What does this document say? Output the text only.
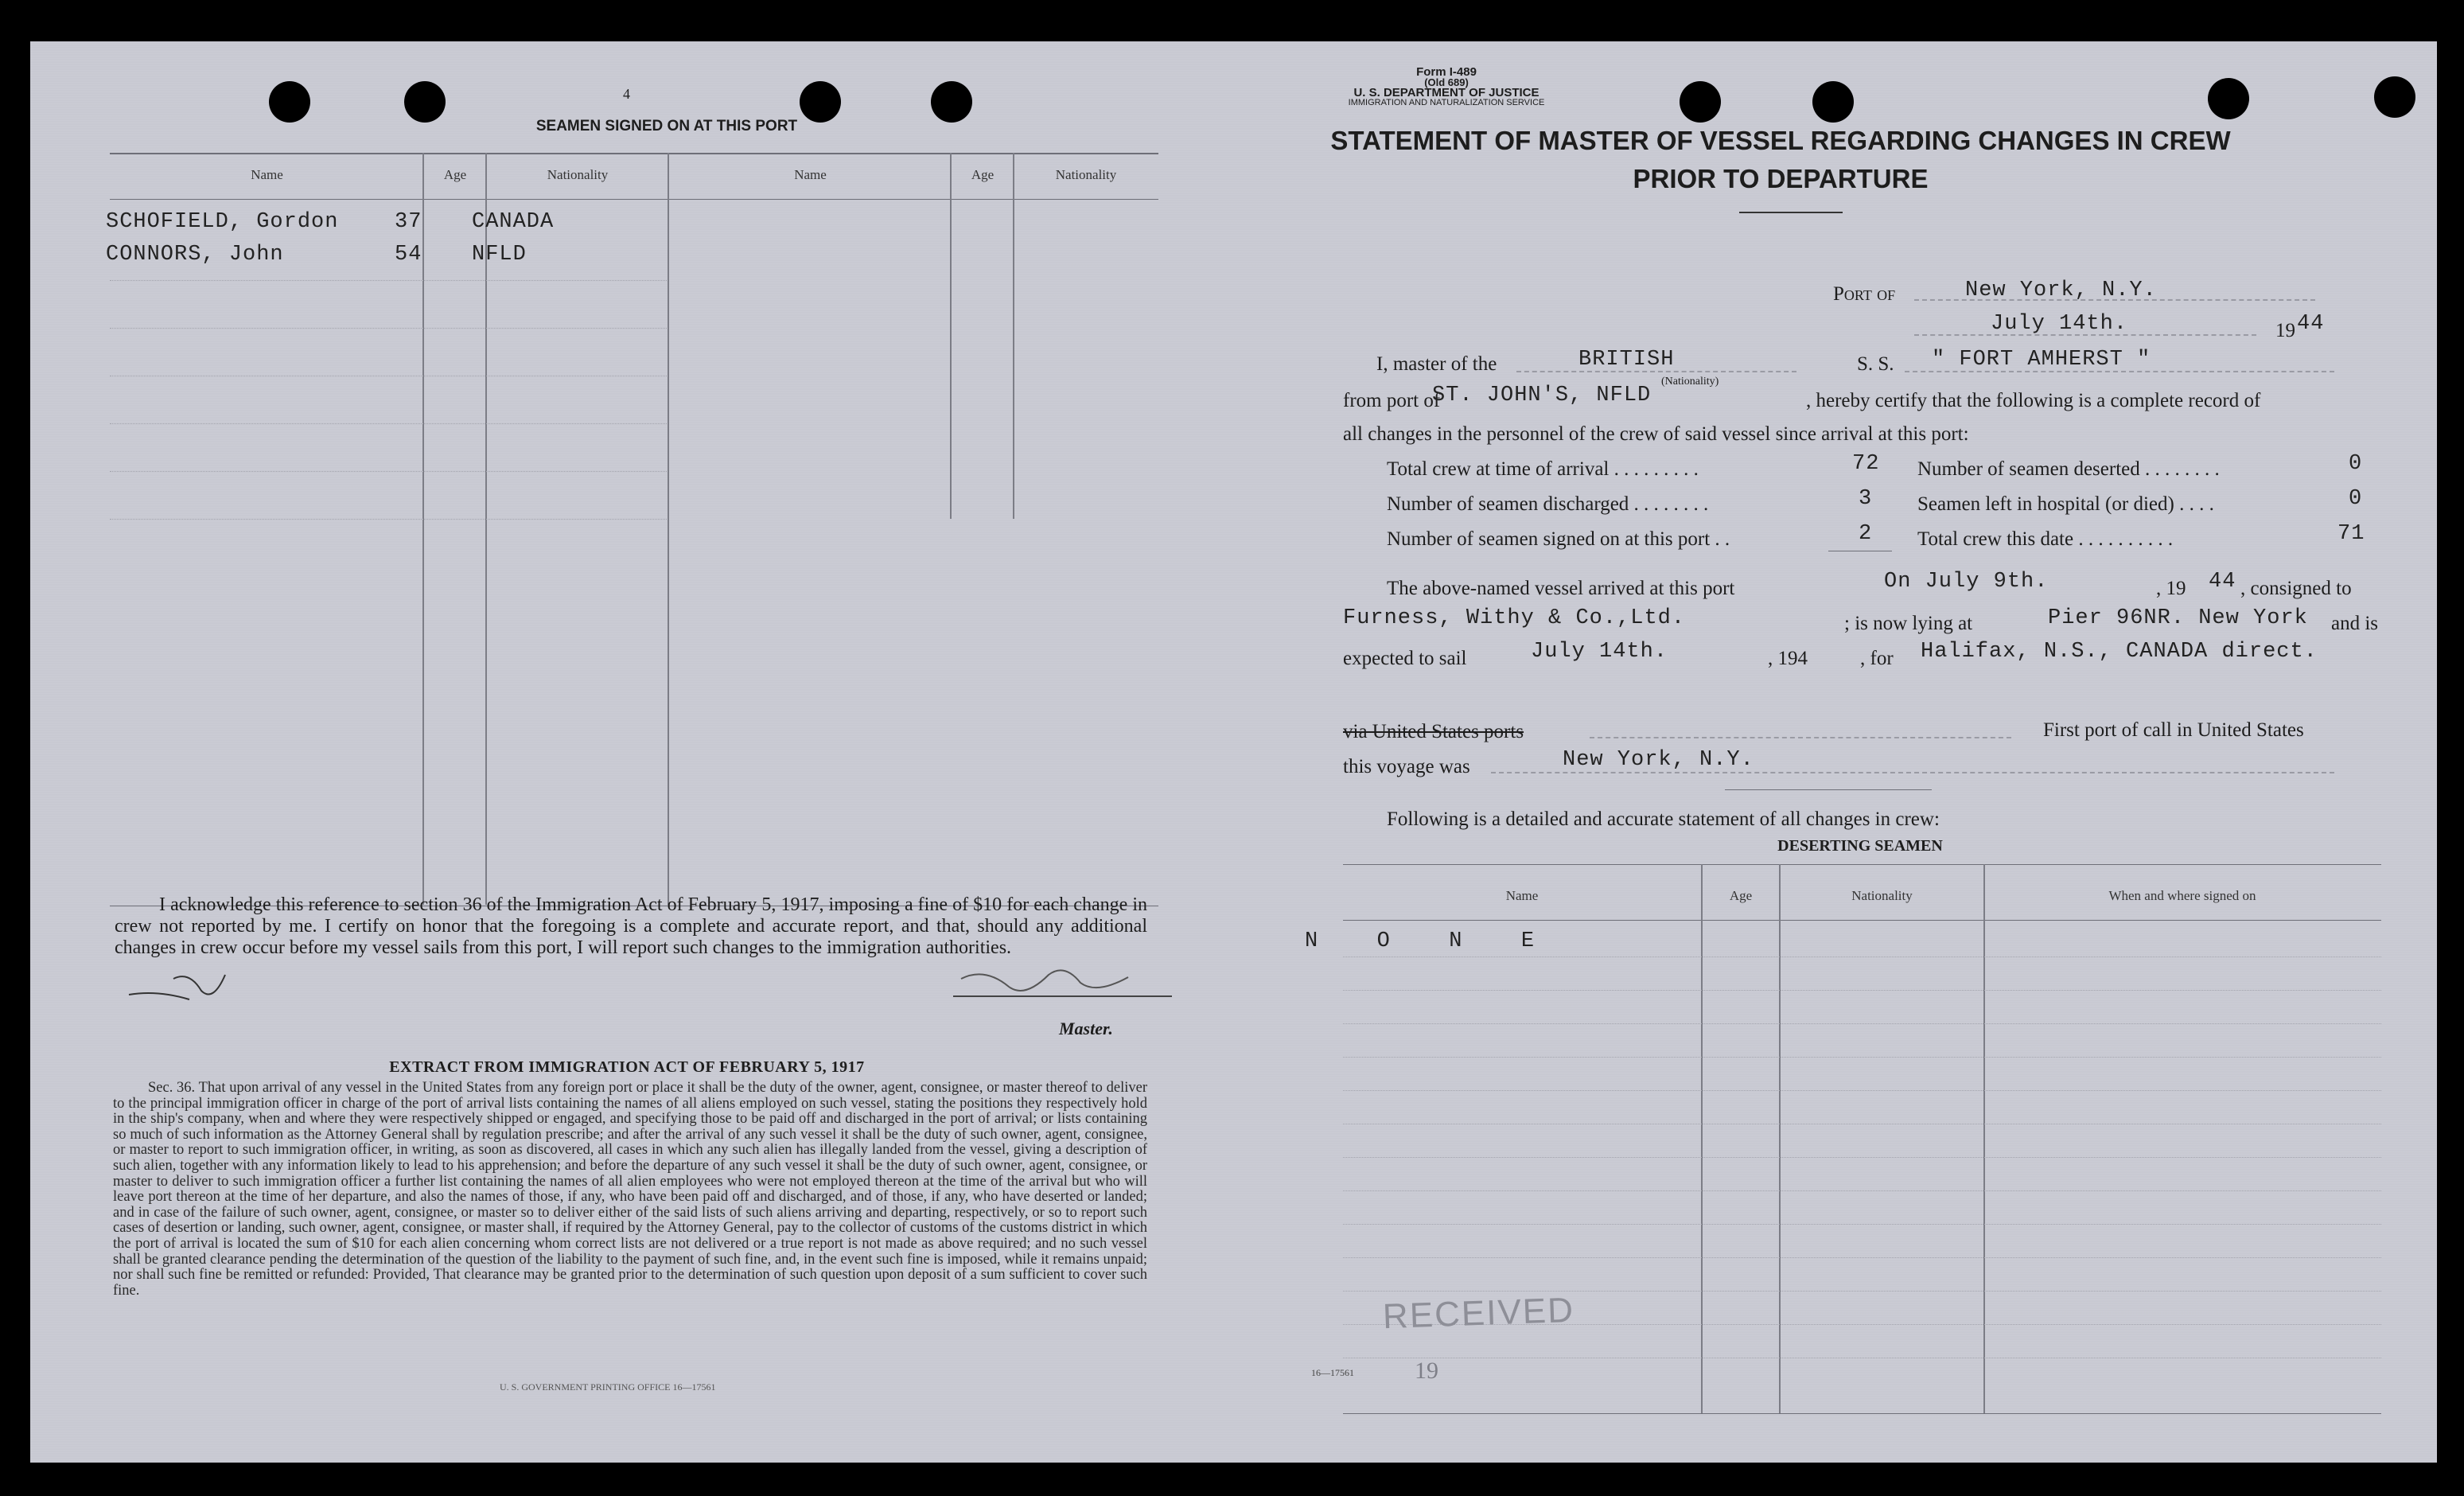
4
SEAMEN SIGNED ON AT THIS PORT
Name	Age	Nationality	Name	Age	Nationality
SCHOFIELD, Gordon	37 CANADA
CONNORS, John	54 NFLD
I acknowledge this reference to section 36 of the Immigration Act of February 5, 1917, imposing a fine of $10 for each change in crew not reported by me. I certify on honor that the foregoing is a complete and accurate report, and that, should any additional changes in crew occur before my vessel sails from this port, I will report such changes to the immigration authorities.
Master.
EXTRACT FROM IMMIGRATION ACT OF FEBRUARY 5, 1917
Sec. 36. That upon arrival of any vessel in the United States from any foreign port or place it shall be the duty of the owner, agent, consignee, or master thereof to deliver to the principal immigration officer in charge of the port of arrival lists containing the names of all aliens employed on such vessel, stating the positions they respectively hold in the ship's company, when and where they were respectively shipped or engaged, and specifying those to be paid off and discharged in the port of arrival; or lists containing so much of such information as the Attorney General shall by regulation prescribe; and after the arrival of any such vessel it shall be the duty of such owner, agent, consignee, or master to report to such immigration officer, in writing, as soon as discovered, all cases in which any such alien has illegally landed from the vessel, giving a description of such alien, together with any information likely to lead to his apprehension; and before the departure of any such vessel it shall be the duty of such owner, agent, consignee, or master to deliver to such immigration officer a further list containing the names of all alien employees who were not employed thereon at the time of the arrival but who will leave port thereon at the time of her departure, and also the names of those, if any, who have been paid off and discharged, and of those, if any, who have deserted or landed; and in case of the failure of such owner, agent, consignee, or master so to deliver either of the said lists of such aliens arriving and departing, respectively, or so to report such cases of desertion or landing, such owner, agent, consignee, or master shall, if required by the Attorney General, pay to the collector of customs of the customs district in which the port of arrival is located the sum of $10 for each alien concerning whom correct lists are not delivered or a true report is not made as above required; and no such vessel shall be granted clearance pending the determination of the question of the liability to the payment of such fine, and, in the event such fine is imposed, while it remains unpaid; nor shall such fine be remitted or refunded: Provided, That clearance may be granted prior to the determination of such question upon deposit of a sum sufficient to cover such fine.
U. S. GOVERNMENT PRINTING OFFICE 16—17561
Form I-489
(Old 689)
U. S. DEPARTMENT OF JUSTICE
IMMIGRATION AND NATURALIZATION SERVICE
STATEMENT OF MASTER OF VESSEL REGARDING CHANGES IN CREW
PRIOR TO DEPARTURE
Port of	New York, N.Y.
July 14th.	19 44
I, master of the	BRITISH
(Nationality)
S. S. " FORT AMHERST "
from port of
ST. JOHN'S, NFLD	, hereby certify that the following is a complete record of
all changes in the personnel of the crew of said vessel since arrival at this port:
Total crew at time of arrival . . . . . . . . .	72
Number of seamen discharged . . . . . . . .	3
Number of seamen signed on at this port . .	2
Number of seamen deserted . . . . . . . .	0
Seamen left in hospital (or died) . . . .	0
Total crew this date . . . . . . . . . .	71
The above-named vessel arrived at this port	On July 9th.	, 19 44 , consigned to
Furness, Withy & Co.,Ltd.	; is now lying at	Pier 96NR. New York and is
expected to sail	July 14th.	, 194	, for Halifax, N.S., CANADA direct.
via United States ports	First port of call in United States
this voyage was	New York, N.Y.
Following is a detailed and accurate statement of all changes in crew:
DESERTING SEAMEN
Name	Age	Nationality	When and where signed on
N  O  N  E
RECEIVED
16—17561	19
